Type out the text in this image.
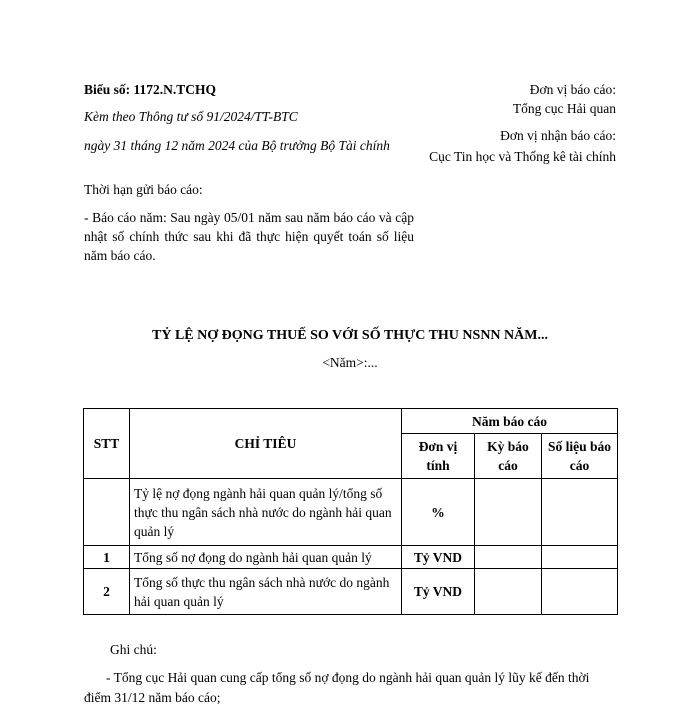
Biểu số: 1172.N.TCHQ
Kèm theo Thông tư số 91/2024/TT-BTC
ngày 31 tháng 12 năm 2024 của Bộ trưởng Bộ Tài chính
Thời hạn gửi báo cáo:
- Báo cáo năm: Sau ngày 05/01 năm sau năm báo cáo và cập nhật số chính thức sau khi đã thực hiện quyết toán số liệu năm báo cáo.
Đơn vị báo cáo:
Tổng cục Hải quan
Đơn vị nhận báo cáo:
Cục Tin học và Thống kê tài chính
TỶ LỆ NỢ ĐỌNG THUẾ SO VỚI SỐ THỰC THU NSNN NĂM...
<Năm>:...
STT	CHỈ TIÊU	Năm báo cáo		
		Đơn vị tính	Kỳ báo cáo	Số liệu báo cáo
	Tỷ lệ nợ đọng ngành hải quan quản lý/tổng số thực thu ngân sách nhà nước do ngành hải quan quản lý	%		
1	Tổng số nợ đọng do ngành hải quan quản lý	Tỷ VND		
2	Tổng số thực thu ngân sách nhà nước do ngành hải quan quản lý	Tỷ VND		
Ghi chú:
- Tổng cục Hải quan cung cấp tổng số nợ đọng do ngành hải quan quản lý lũy kế đến thời điểm 31/12 năm báo cáo;
